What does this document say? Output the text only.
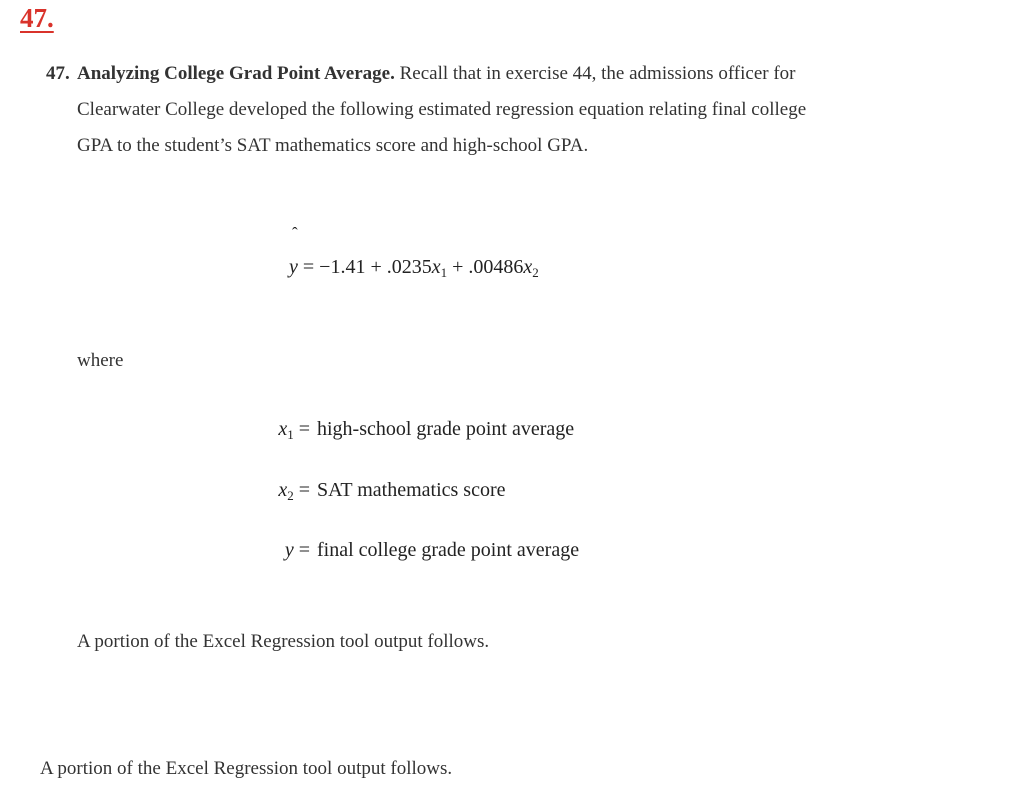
47.

47. Analyzing College Grad Point Average. Recall that in exercise 44, the admissions officer for Clearwater College developed the following estimated regression equation relating final college GPA to the student’s SAT mathematics score and high-school GPA.

ˆ
$y = -1.41 + .0235x_1 + .00486x_2$
where
$x_1$ = high-school grade point average
$x_2$ = SAT mathematics score
y = final college grade point average
A portion of the Excel Regression tool output follows.
A portion of the Excel Regression tool output follows.
